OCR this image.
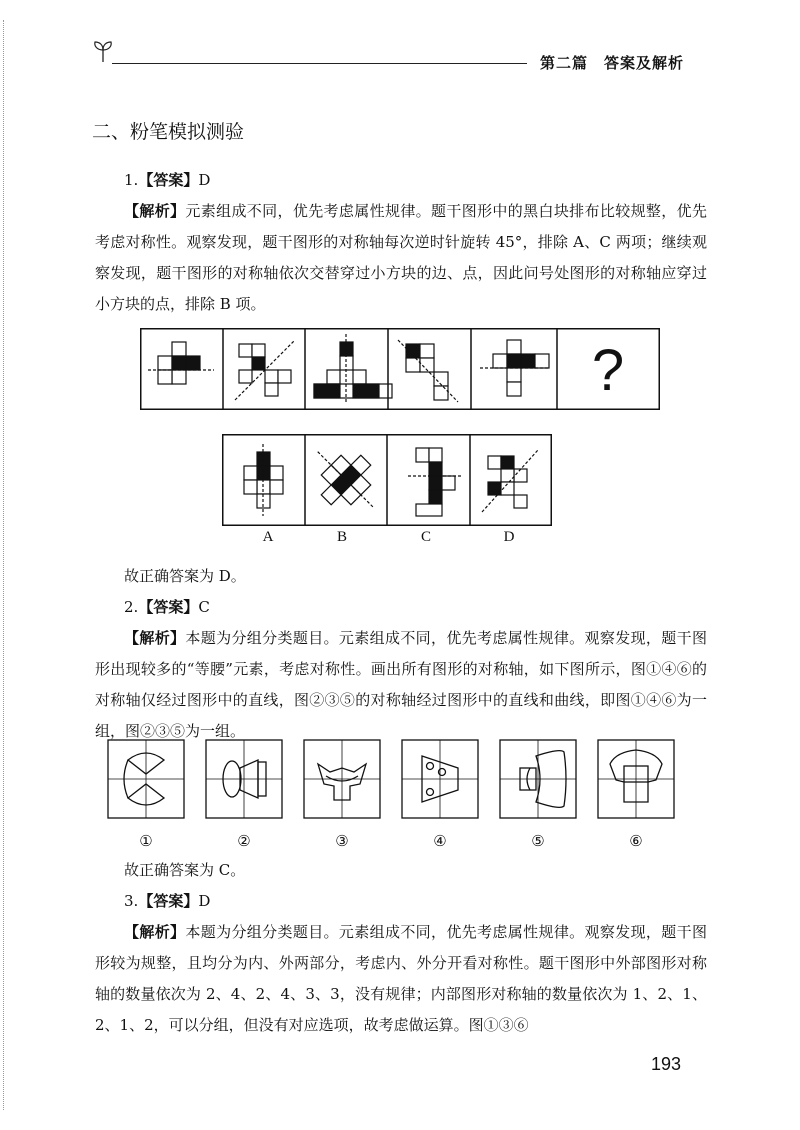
第二篇　答案及解析
二、粉笔模拟测验
1.【答案】D
【解析】元素组成不同，优先考虑属性规律。题干图形中的黑白块排布比较规整，优先考虑对称性。观察发现，题干图形的对称轴每次逆时针旋转 45°，排除 A、C 两项；继续观察发现，题干图形的对称轴依次交替穿过小方块的边、点，因此问号处图形的对称轴应穿过小方块的点，排除 B 项。
?
A	B	C	D
故正确答案为 D。
2.【答案】C
【解析】本题为分组分类题目。元素组成不同，优先考虑属性规律。观察发现，题干图形出现较多的“等腰”元素，考虑对称性。画出所有图形的对称轴，如下图所示，图①④⑥的对称轴仅经过图形中的直线，图②③⑤的对称轴经过图形中的直线和曲线，即图①④⑥为一组，图②③⑤为一组。
①	②	③	④	⑤	⑥
故正确答案为 C。
3.【答案】D
【解析】本题为分组分类题目。元素组成不同，优先考虑属性规律。观察发现，题干图形较为规整，且均分为内、外两部分，考虑内、外分开看对称性。题干图形中外部图形对称轴的数量依次为 2、4、2、4、3、3，没有规律；内部图形对称轴的数量依次为 1、2、1、2、1、2，可以分组，但没有对应选项，故考虑做运算。图①③⑥
193
